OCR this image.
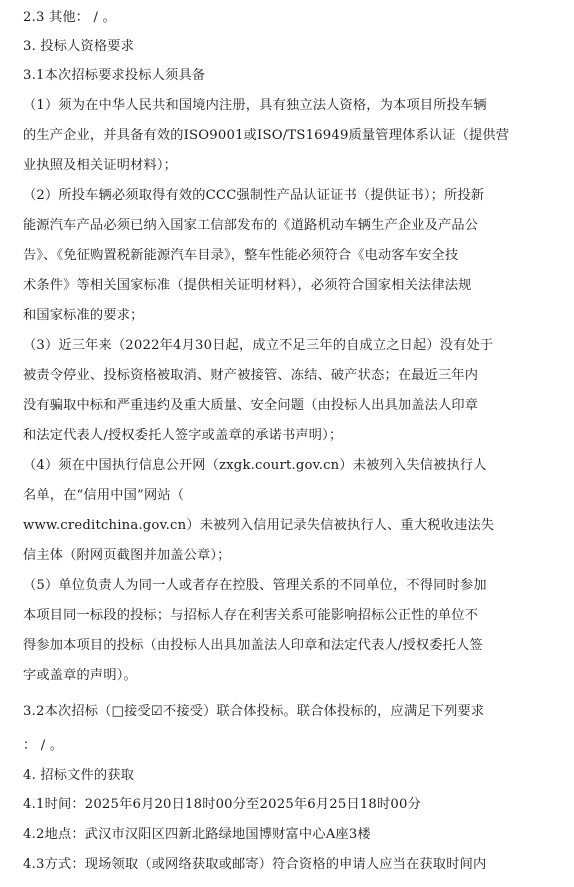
2.3 其他： / 。
3. 投标人资格要求
3.1本次招标要求投标人须具备
（1）须为在中华人民共和国境内注册，具有独立法人资格，为本项目所投车辆
的生产企业，并具备有效的ISO9001或ISO/TS16949质量管理体系认证（提供营
业执照及相关证明材料）；
（2）所投车辆必须取得有效的CCC强制性产品认证证书（提供证书）；所投新
能源汽车产品必须已纳入国家工信部发布的《道路机动车辆生产企业及产品公
告》、《免征购置税新能源汽车目录》，整车性能必须符合《电动客车安全技
术条件》等相关国家标准（提供相关证明材料），必须符合国家相关法律法规
和国家标准的要求；
（3）近三年来（2022年4月30日起，成立不足三年的自成立之日起）没有处于
被责令停业、投标资格被取消、财产被接管、冻结、破产状态；在最近三年内
没有骗取中标和严重违约及重大质量、安全问题（由投标人出具加盖法人印章
和法定代表人/授权委托人签字或盖章的承诺书声明）；
（4）须在中国执行信息公开网（zxgk.court.gov.cn）未被列入失信被执行人
名单，在“信用中国”网站（
www.creditchina.gov.cn）未被列入信用记录失信被执行人、重大税收违法失
信主体（附网页截图并加盖公章）；
（5）单位负责人为同一人或者存在控股、管理关系的不同单位，不得同时参加
本项目同一标段的投标；与招标人存在利害关系可能影响招标公正性的单位不
得参加本项目的投标（由投标人出具加盖法人印章和法定代表人/授权委托人签
字或盖章的声明）。
3.2本次招标（□接受☑不接受）联合体投标。联合体投标的，应满足下列要求
： / 。
4. 招标文件的获取
4.1时间：2025年6月20日18时00分至2025年6月25日18时00分
4.2地点：武汉市汉阳区四新北路绿地国博财富中心A座3楼
4.3方式：现场领取（或网络获取或邮寄）符合资格的申请人应当在获取时间内
